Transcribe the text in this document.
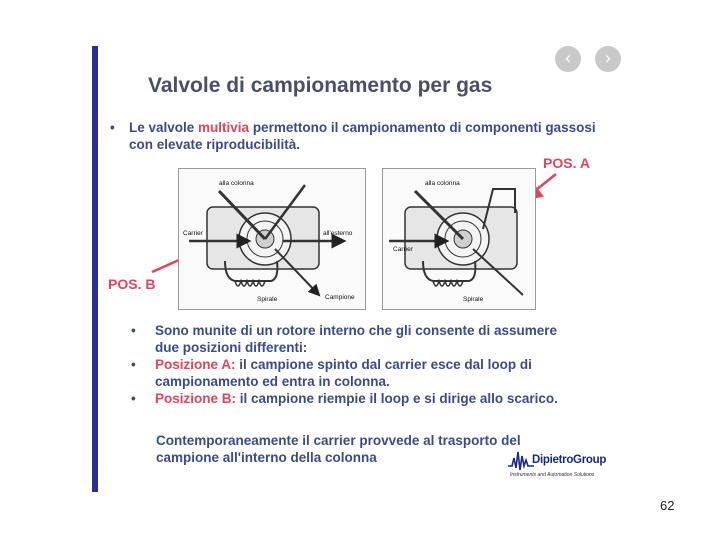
‹ ›
Valvole di campionamento per gas
• Le valvole multivia permettono il campionamento di componenti gassosi con elevate riproducibilità.
POS. A
POS. B
alla colonna
Carrier	all'esterno
Spirale	Campione
alla colonna
Carrier
Spirale
• Sono munite di un rotore interno che gli consente di assumere due posizioni differenti:
• Posizione A: il campione spinto dal carrier esce dal loop di campionamento ed entra in colonna.
• Posizione B: il campione riempie il loop e si dirige allo scarico.
Contemporaneamente il carrier provvede al trasporto del campione all'interno della colonna	DipietroGroup
Instruments and Automation Solutions
62
